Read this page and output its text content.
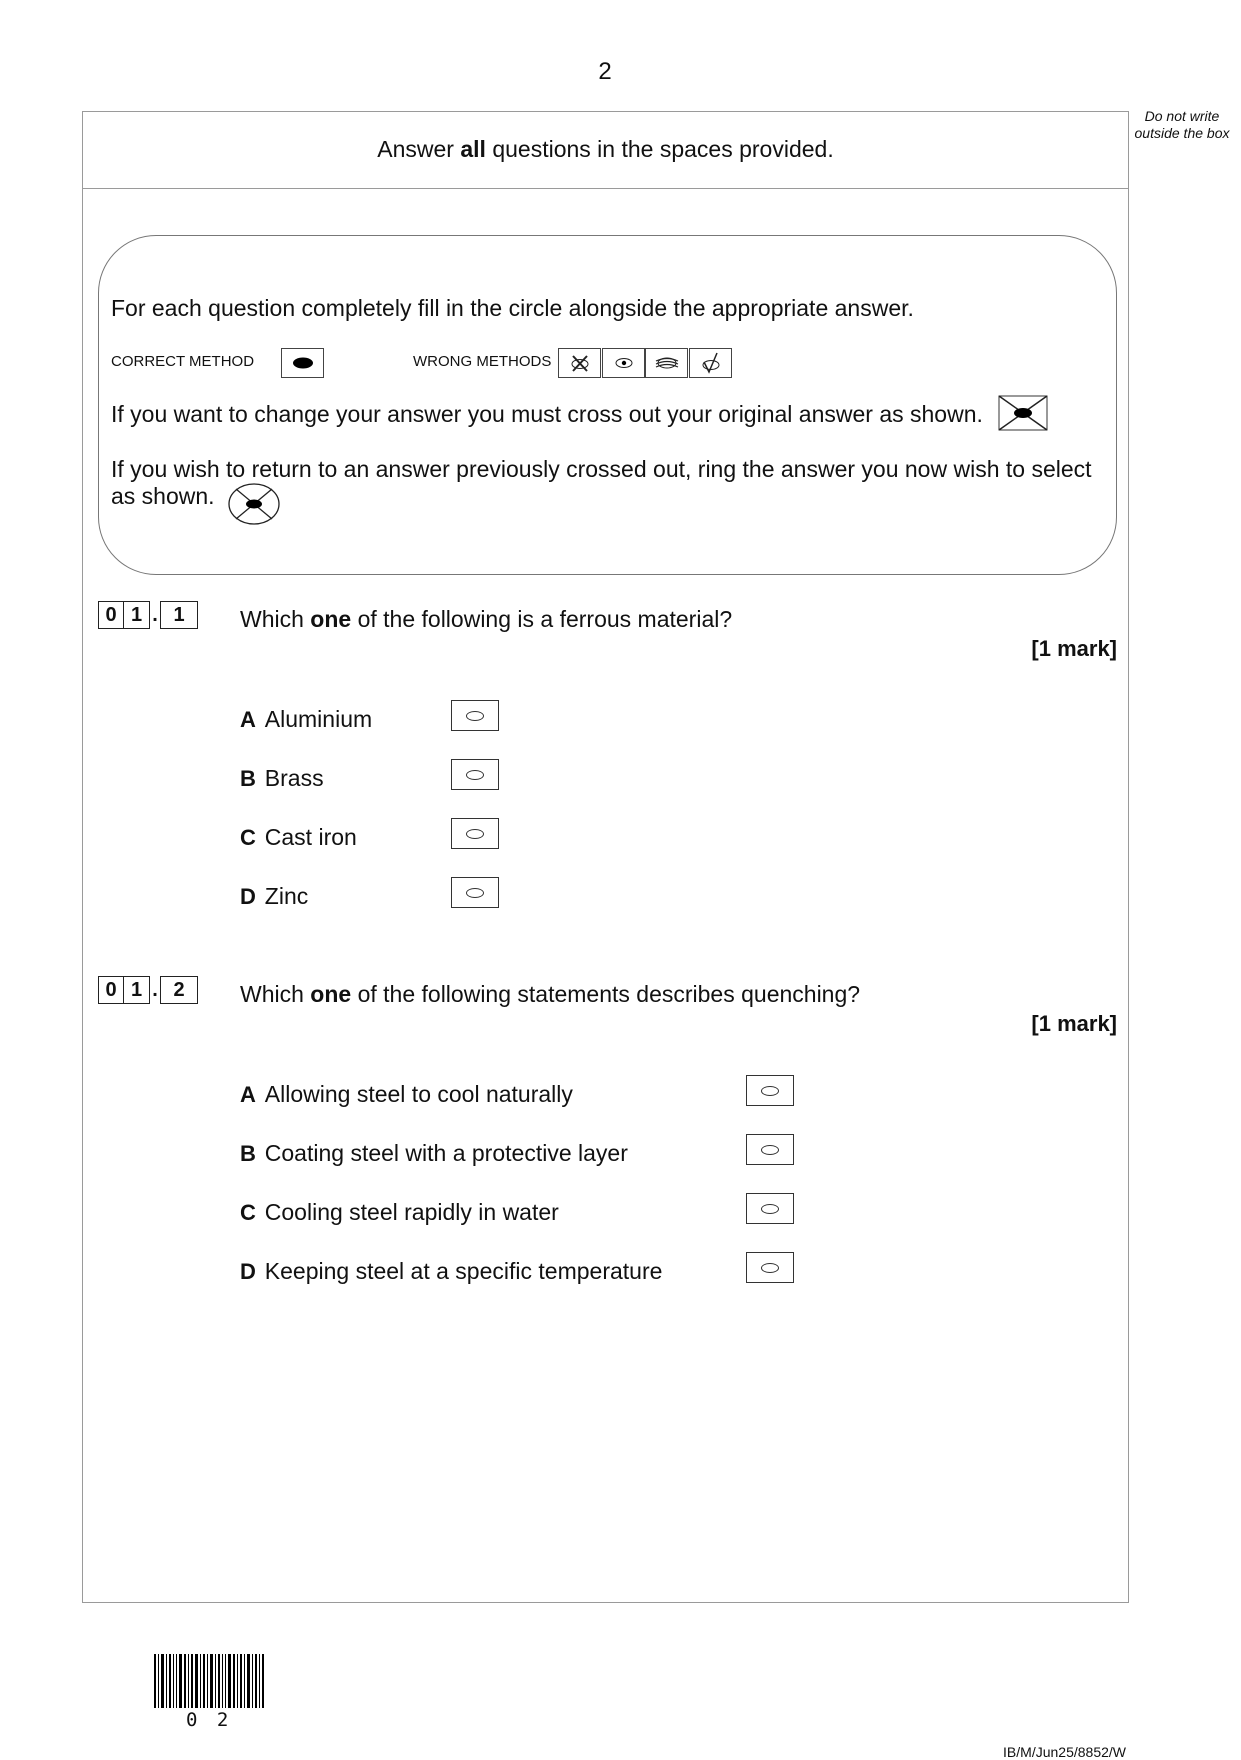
2
Do not write outside the box
Answer all questions in the spaces provided.
For each question completely fill in the circle alongside the appropriate answer.
CORRECT METHOD	WRONG METHODS
If you want to change your answer you must cross out your original answer as shown.
If you wish to return to an answer previously crossed out, ring the answer you now wish to select
as shown.
0 1 . 1	Which one of the following is a ferrous material?
[1 mark]
A Aluminium
B Brass
C Cast iron
D Zinc
0 1 . 2	Which one of the following statements describes quenching?
[1 mark]
A Allowing steel to cool naturally
B Coating steel with a protective layer
C Cooling steel rapidly in water
D Keeping steel at a specific temperature
0 2
IB/M/Jun25/8852/W
